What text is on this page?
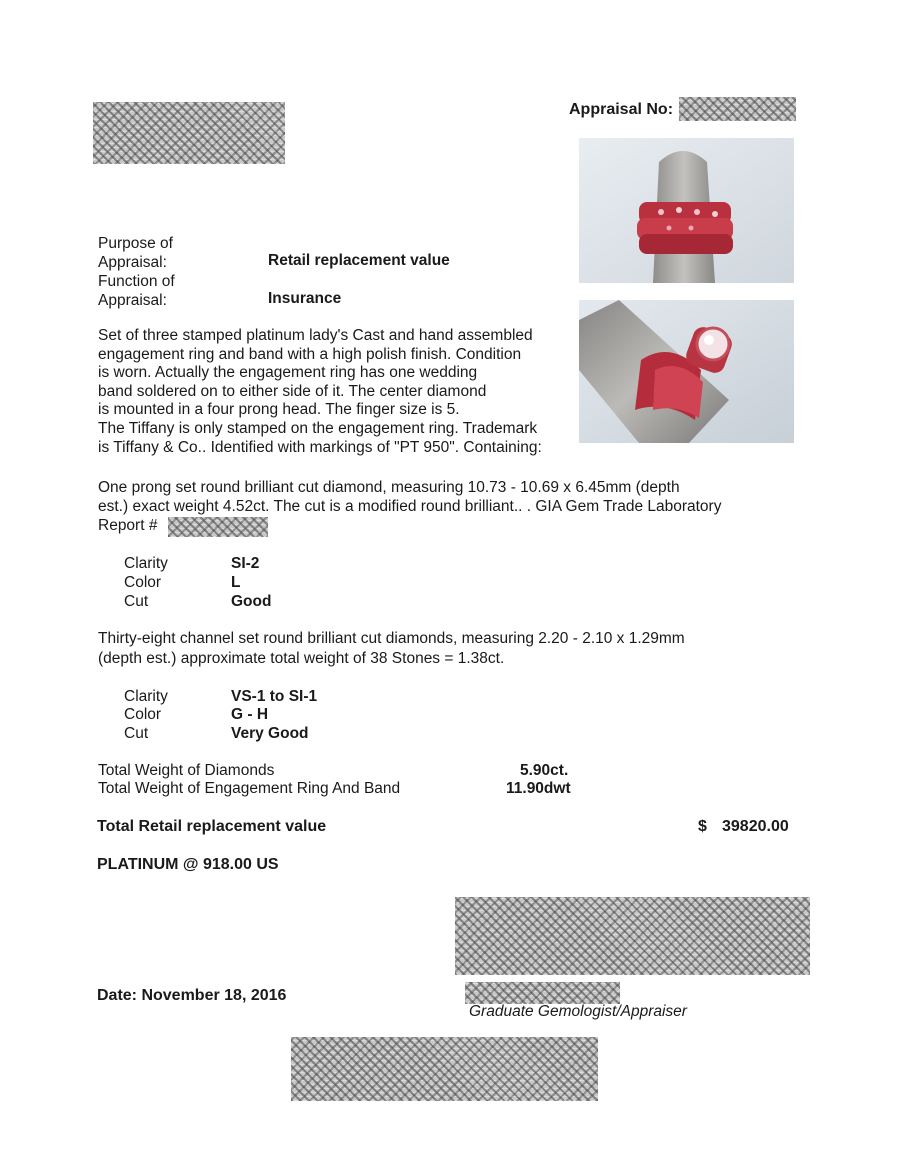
Appraisal No:
Purpose of
Appraisal:	Retail replacement value
Function of
Appraisal:	Insurance
Set of three stamped platinum lady's Cast and hand assembled
engagement ring and band with a high polish finish. Condition
is worn. Actually the engagement ring has one wedding
band soldered on to either side of it. The center diamond
is mounted in a four prong head. The finger size is 5.
The Tiffany is only stamped on the engagement ring. Trademark
is Tiffany & Co.. Identified with markings of "PT 950". Containing:
One prong set round brilliant cut diamond, measuring 10.73 - 10.69 x 6.45mm (depth
est.) exact weight 4.52ct. The cut is a modified round brilliant.. . GIA Gem Trade Laboratory
Report #
Clarity	SI-2
Color	L
Cut	Good
Thirty-eight channel set round brilliant cut diamonds, measuring 2.20 - 2.10 x 1.29mm
(depth est.) approximate total weight of 38 Stones = 1.38ct.
Clarity	VS-1 to SI-1
Color	G - H
Cut	Very Good
Total Weight of Diamonds	5.90ct.
Total Weight of Engagement Ring And Band	11.90dwt
Total Retail replacement value	$ 39820.00
PLATINUM @ 918.00 US
Date: November 18, 2016
Graduate Gemologist/Appraiser
